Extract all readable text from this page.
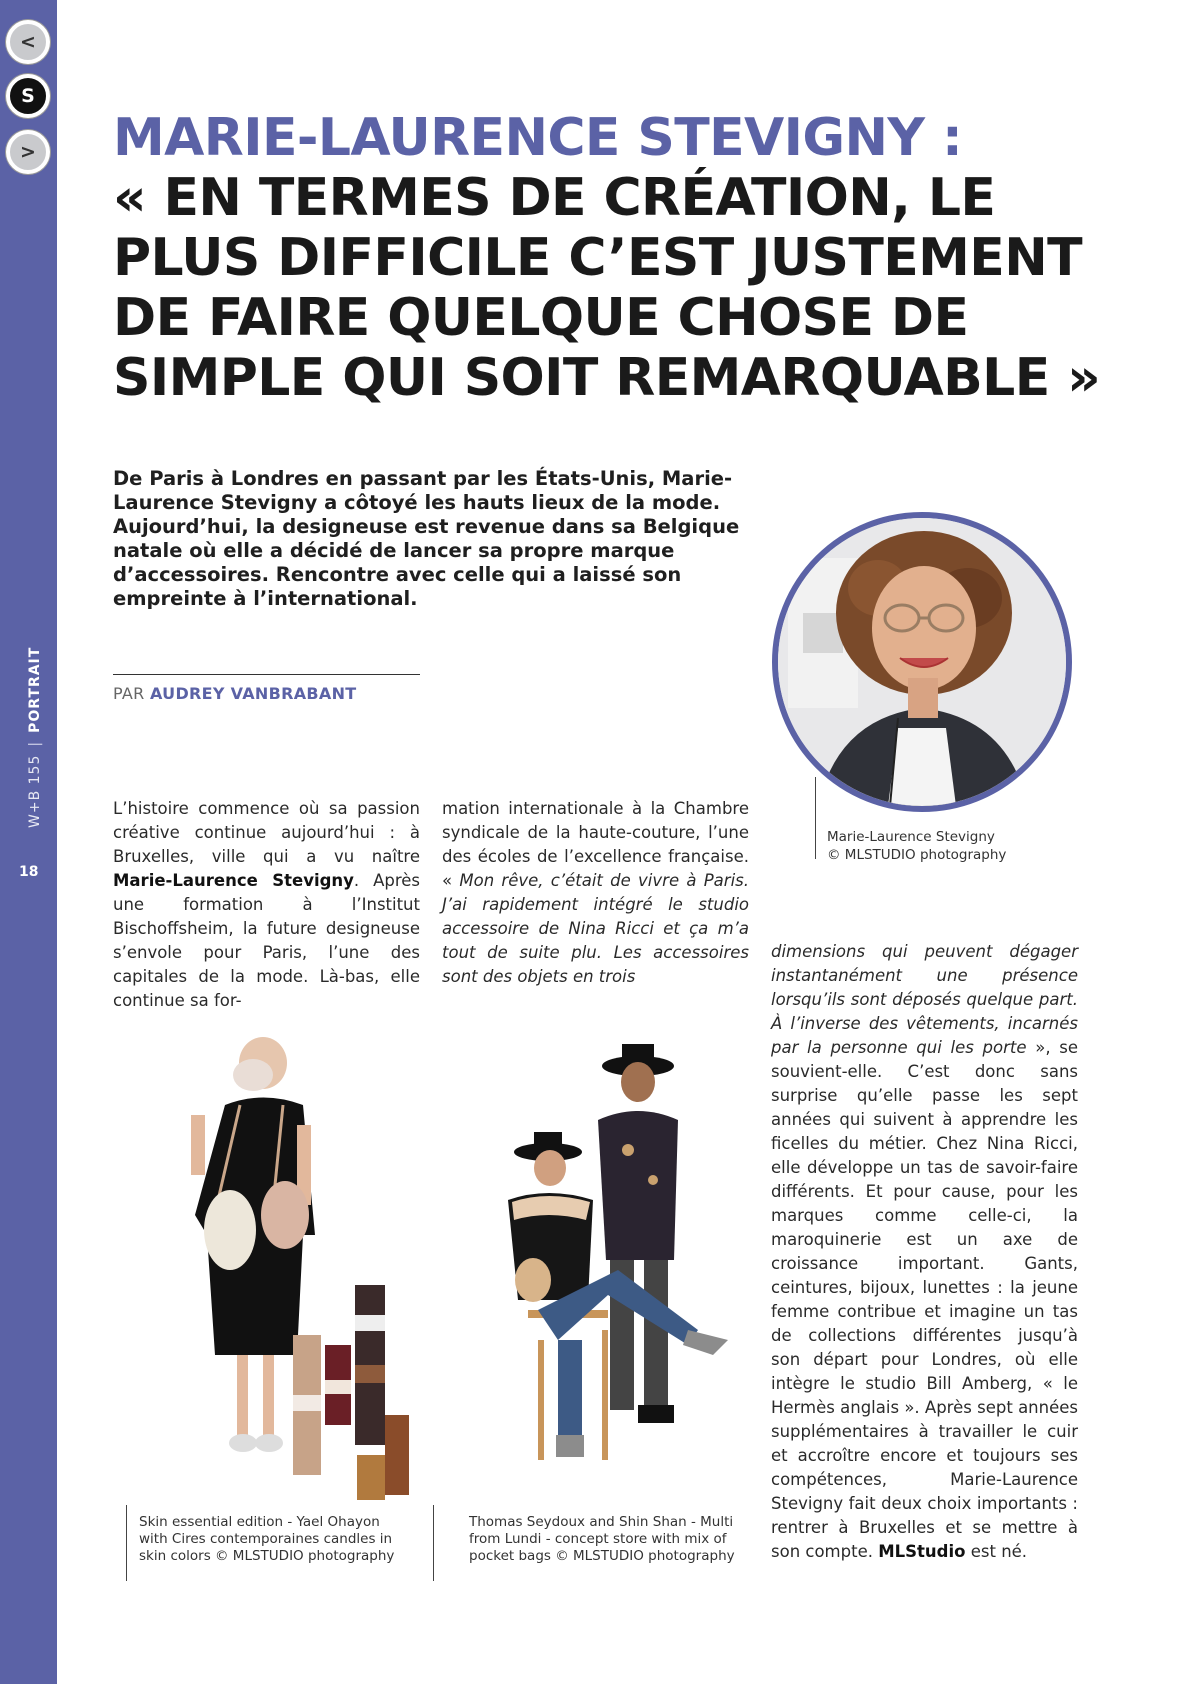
<
S
>
W+B 155|PORTRAIT
18
MARIE-LAURENCE STEVIGNY :
« EN TERMES DE CRÉATION, LE
PLUS DIFFICILE C’EST JUSTEMENT
DE FAIRE QUELQUE CHOSE DE
SIMPLE QUI SOIT REMARQUABLE »

De Paris à Londres en passant par les États-Unis, Marie-Laurence Stevigny a côtoyé les hauts lieux de la mode. Aujourd’hui, la designeuse est revenue dans sa Belgique natale où elle a décidé de lancer sa propre marque d’accessoires. Rencontre avec celle qui a laissé son empreinte à l’international.

PAR AUDREY VANBRABANT
Marie-Laurence Stevigny
© MLSTUDIO photography
L’histoire commence où sa passion créative continue aujourd’hui : à Bruxelles, ville qui a vu naître Marie-Laurence Stevigny. Après une formation à l’Institut Bischoffsheim, la future designeuse s’envole pour Paris, l’une des capitales de la mode. Là-bas, elle continue sa for-
mation internationale à la Chambre syndicale de la haute-couture, l’une des écoles de l’excellence française. « Mon rêve, c’était de vivre à Paris. J’ai rapidement intégré le studio accessoire de Nina Ricci et ça m’a tout de suite plu. Les accessoires sont des objets en trois
dimensions qui peuvent dégager instantanément une présence lorsqu’ils sont déposés quelque part. À l’inverse des vêtements, incarnés par la personne qui les porte », se souvient-elle. C’est donc sans surprise qu’elle passe les sept années qui suivent à apprendre les ficelles du métier. Chez Nina Ricci, elle développe un tas de savoir-faire différents. Et pour cause, pour les marques comme celle-ci, la maroquinerie est un axe de croissance important. Gants, ceintures, bijoux, lunettes : la jeune femme contribue et imagine un tas de collections différentes jusqu’à son départ pour Londres, où elle intègre le studio Bill Amberg, « le Hermès anglais ». Après sept années supplémentaires à travailler le cuir et accroître encore et toujours ses compétences, Marie-Laurence Stevigny fait deux choix importants : rentrer à Bruxelles et se mettre à son compte. MLStudio est né.
Skin essential edition - Yael Ohayon with Cires contemporaines candles in skin colors © MLSTUDIO photography
Thomas Seydoux and Shin Shan - Multi from Lundi - concept store with mix of pocket bags © MLSTUDIO photography
